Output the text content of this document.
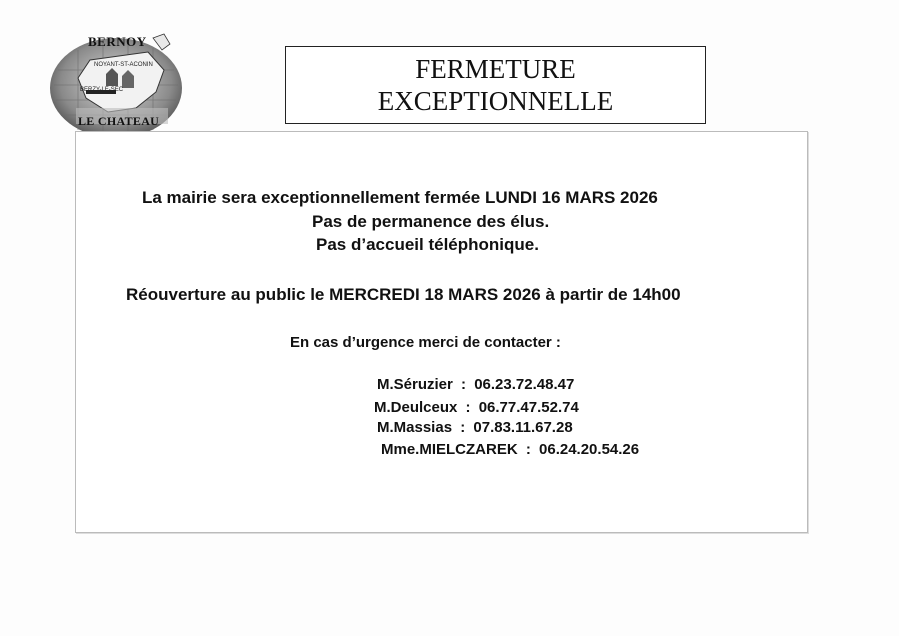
BERNOY
NOYANT-ST-ACONIN
BERZY-LE-SEC
LE CHATEAU
FERMETURE
EXCEPTIONNELLE
La mairie sera exceptionnellement fermée LUNDI 16 MARS 2026
Pas de permanence des élus.
Pas d’accueil téléphonique.
Réouverture au public le MERCREDI 18 MARS 2026 à partir de 14h00
En cas d’urgence merci de contacter :
M.Séruzier : 06.23.72.48.47
M.Deulceux : 06.77.47.52.74
M.Massias : 07.83.11.67.28
Mme.MIELCZAREK : 06.24.20.54.26
